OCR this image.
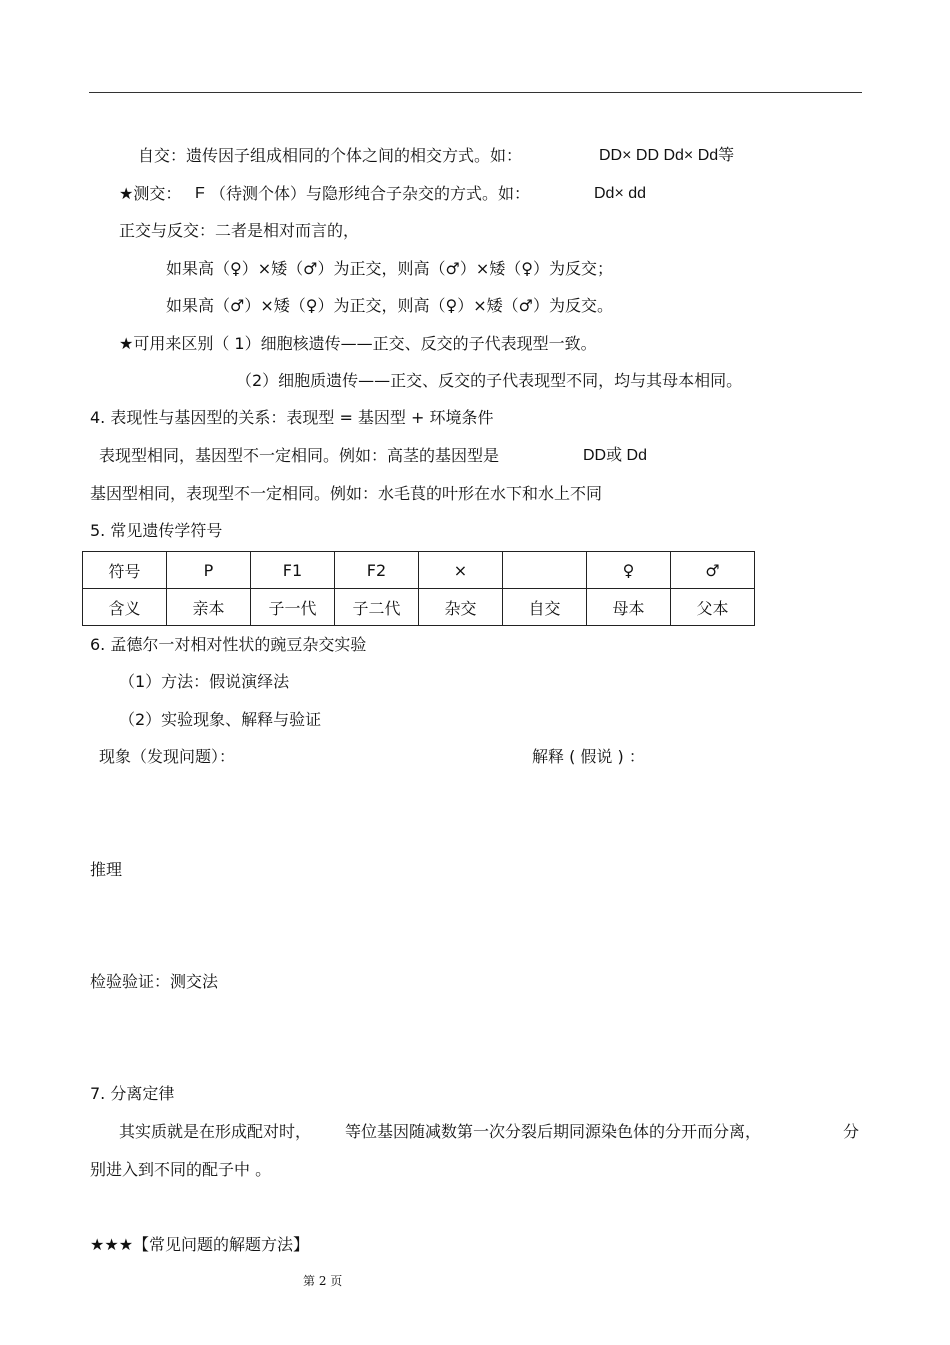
自交：遗传因子组成相同的个体之间的相交方式。如：	DD× DD Dd× Dd等
★测交： F （待测个体）与隐形纯合子杂交的方式。如：	Dd× dd
正交与反交：二者是相对而言的，
如果高（♀）×矮（♂）为正交，则高（♂）×矮（♀）为反交；
如果高（♂）×矮（♀）为正交，则高（♀）×矮（♂）为反交。
★可用来区别（ 1）细胞核遗传——正交、反交的子代表现型一致。
（2）细胞质遗传——正交、反交的子代表现型不同，均与其母本相同。
4. 表现性与基因型的关系：表现型 = 基因型 + 环境条件
表现型相同，基因型不一定相同。例如：高茎的基因型是	DD或 Dd
基因型相同，表现型不一定相同。例如：水毛茛的叶形在水下和水上不同
5. 常见遗传学符号
符号	P	F1	F2	×		♀	♂
含义	亲本	子一代	子二代	杂交	自交	母本	父本
6. 孟德尔一对相对性状的豌豆杂交实验
（1）方法：假说演绎法
（2）实验现象、解释与验证
现象（发现问题）：	解释 ( 假说 ) ：
推理
检验验证：测交法
7. 分离定律
其实质就是在形成配对时， 等位基因随减数第一次分裂后期同源染色体的分开而分离，	分
别进入到不同的配子中 。
★★★【常见问题的解题方法】
第 2 页
